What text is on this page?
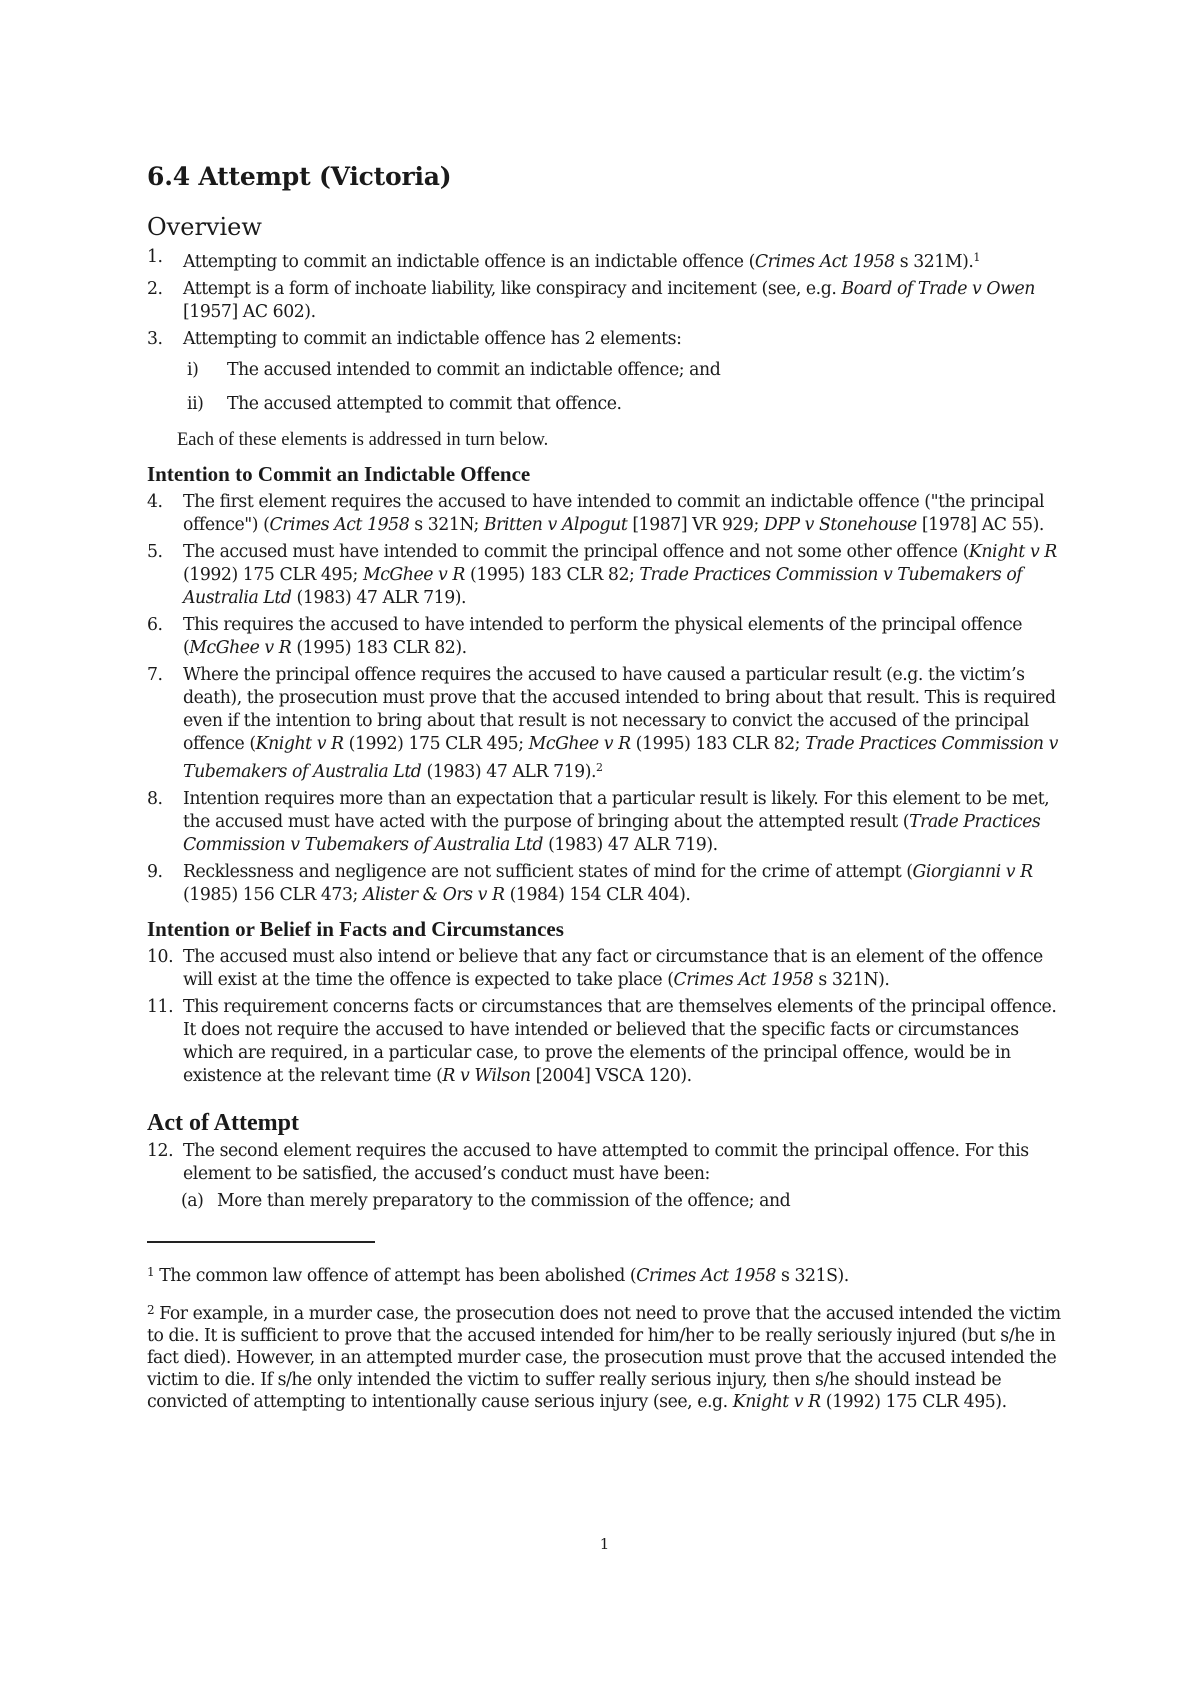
6.4 Attempt (Victoria)
Overview
1.	Attempting to commit an indictable offence is an indictable offence (Crimes Act 1958 s 321M).$^1$
2.	Attempt is a form of inchoate liability, like conspiracy and incitement (see, e.g. Board of Trade v Owen [1957] AC 602).
3.	Attempting to commit an indictable offence has 2 elements:
i)	The accused intended to commit an indictable offence; and
ii)	The accused attempted to commit that offence.
Each of these elements is addressed in turn below.
Intention to Commit an Indictable Offence
4.	The first element requires the accused to have intended to commit an indictable offence ("the principal offence") (Crimes Act 1958 s 321N; Britten v Alpogut [1987] VR 929; DPP v Stonehouse [1978] AC 55).
5.	The accused must have intended to commit the principal offence and not some other offence (Knight v R (1992) 175 CLR 495; McGhee v R (1995) 183 CLR 82; Trade Practices Commission v Tubemakers of Australia Ltd (1983) 47 ALR 719).
6.	This requires the accused to have intended to perform the physical elements of the principal offence (McGhee v R (1995) 183 CLR 82).
7.	Where the principal offence requires the accused to have caused a particular result (e.g. the victim’s death), the prosecution must prove that the accused intended to bring about that result. This is required even if the intention to bring about that result is not necessary to convict the accused of the principal offence (Knight v R (1992) 175 CLR 495; McGhee v R (1995) 183 CLR 82; Trade Practices Commission v Tubemakers of Australia Ltd (1983) 47 ALR 719).$^2$
8.	Intention requires more than an expectation that a particular result is likely. For this element to be met, the accused must have acted with the purpose of bringing about the attempted result (Trade Practices Commission v Tubemakers of Australia Ltd (1983) 47 ALR 719).
9.	Recklessness and negligence are not sufficient states of mind for the crime of attempt (Giorgianni v R (1985) 156 CLR 473; Alister & Ors v R (1984) 154 CLR 404).
Intention or Belief in Facts and Circumstances
10. The accused must also intend or believe that any fact or circumstance that is an element of the offence will exist at the time the offence is expected to take place (Crimes Act 1958 s 321N).
11. This requirement concerns facts or circumstances that are themselves elements of the principal offence. It does not require the accused to have intended or believed that the specific facts or circumstances which are required, in a particular case, to prove the elements of the principal offence, would be in existence at the relevant time (R v Wilson [2004] VSCA 120).
Act of Attempt
12. The second element requires the accused to have attempted to commit the principal offence. For this element to be satisfied, the accused’s conduct must have been:
(a) More than merely preparatory to the commission of the offence; and
$^1$ The common law offence of attempt has been abolished (Crimes Act 1958 s 321S).
$^2$ For example, in a murder case, the prosecution does not need to prove that the accused intended the victim to die. It is sufficient to prove that the accused intended for him/her to be really seriously injured (but s/he in fact died). However, in an attempted murder case, the prosecution must prove that the accused intended the victim to die. If s/he only intended the victim to suffer really serious injury, then s/he should instead be convicted of attempting to intentionally cause serious injury (see, e.g. Knight v R (1992) 175 CLR 495).
1
